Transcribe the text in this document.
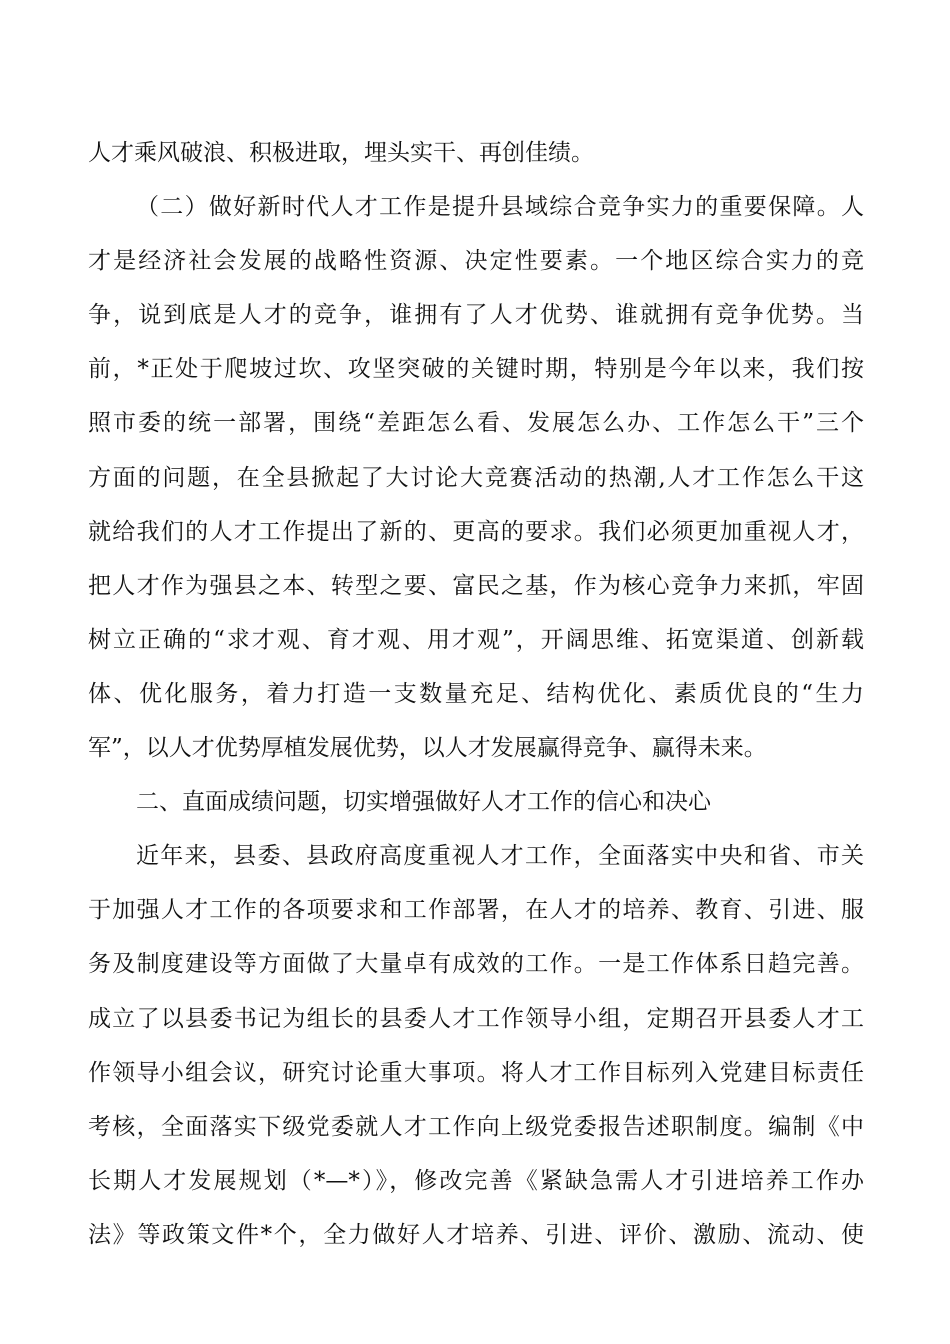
人才乘风破浪、积极进取，埋头实干、再创佳绩。
（二）做好新时代人才工作是提升县域综合竞争实力的重要保障。人
才是经济社会发展的战略性资源、决定性要素。一个地区综合实力的竞
争，说到底是人才的竞争，谁拥有了人才优势、谁就拥有竞争优势。当
前，*正处于爬坡过坎、攻坚突破的关键时期，特别是今年以来，我们按
照市委的统一部署，围绕“差距怎么看、发展怎么办、工作怎么干”三个
方面的问题，在全县掀起了大讨论大竞赛活动的热潮,人才工作怎么干这
就给我们的人才工作提出了新的、更高的要求。我们必须更加重视人才，
把人才作为强县之本、转型之要、富民之基，作为核心竞争力来抓，牢固
树立正确的“求才观、育才观、用才观”，开阔思维、拓宽渠道、创新载
体、优化服务，着力打造一支数量充足、结构优化、素质优良的“生力
军”，以人才优势厚植发展优势，以人才发展赢得竞争、赢得未来。
二、直面成绩问题，切实增强做好人才工作的信心和决心
近年来，县委、县政府高度重视人才工作，全面落实中央和省、市关
于加强人才工作的各项要求和工作部署，在人才的培养、教育、引进、服
务及制度建设等方面做了大量卓有成效的工作。一是工作体系日趋完善。
成立了以县委书记为组长的县委人才工作领导小组，定期召开县委人才工
作领导小组会议，研究讨论重大事项。将人才工作目标列入党建目标责任
考核，全面落实下级党委就人才工作向上级党委报告述职制度。编制《中
长期人才发展规划（*—*）》，修改完善《紧缺急需人才引进培养工作办
法》等政策文件*个，全力做好人才培养、引进、评价、激励、流动、使
